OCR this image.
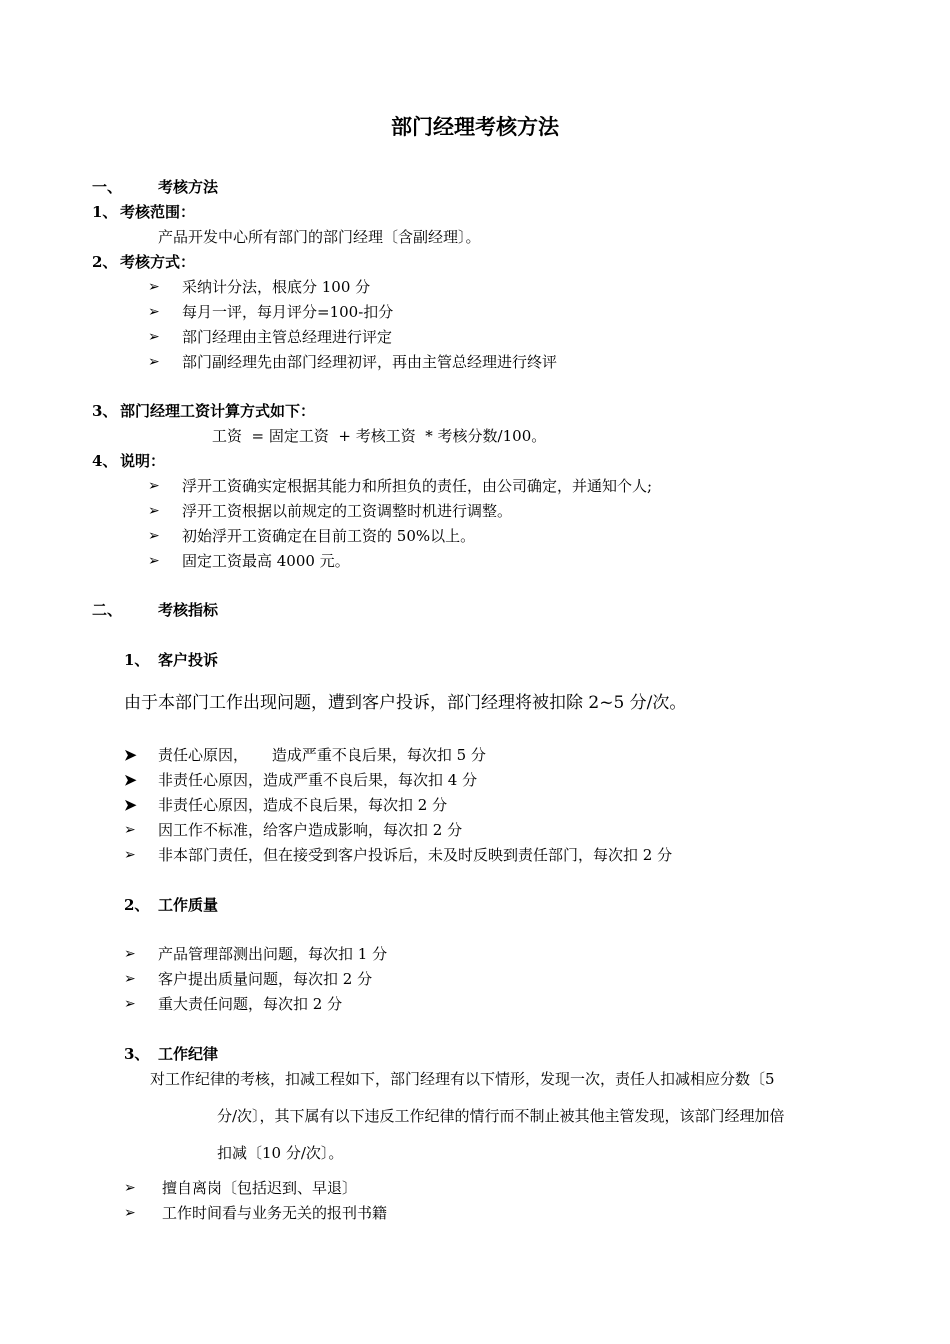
部门经理考核方法
一、 考核方法
1、 考核范围：
产品开发中心所有部门的部门经理〔含副经理〕。
2、 考核方式：
➢ 采纳计分法，根底分 100 分
➢ 每月一评，每月评分=100-扣分
➢ 部门经理由主管总经理进行评定
➢ 部门副经理先由部门经理初评，再由主管总经理进行终评
3、 部门经理工资计算方式如下：
工资  = 固定工资  + 考核工资  * 考核分数/100。
4、 说明：
➢ 浮开工资确实定根据其能力和所担负的责任，由公司确定，并通知个人;
➢ 浮开工资根据以前规定的工资调整时机进行调整。
➢ 初始浮开工资确定在目前工资的 50%以上。
➢ 固定工资最高 4000 元。
二、 考核指标
1、 客户投诉
由于本部门工作出现问题，遭到客户投诉，部门经理将被扣除 2~5 分/次。
➤ 责任心原因，     造成严重不良后果，每次扣 5 分
➤ 非责任心原因，造成严重不良后果，每次扣 4 分
➤ 非责任心原因，造成不良后果，每次扣 2 分
➢ 因工作不标准，给客户造成影响，每次扣 2 分
➢ 非本部门责任，但在接受到客户投诉后，未及时反映到责任部门，每次扣 2 分
2、 工作质量
➢ 产品管理部测出问题，每次扣 1 分
➢ 客户提出质量问题，每次扣 2 分
➢ 重大责任问题，每次扣 2 分
3、 工作纪律
对工作纪律的考核，扣减工程如下，部门经理有以下情形，发现一次，责任人扣减相应分数〔5
分/次〕，其下属有以下违反工作纪律的情行而不制止被其他主管发现，该部门经理加倍
扣减〔10 分/次〕。
➢ 擅自离岗〔包括迟到、早退〕
➢ 工作时间看与业务无关的报刊书籍
